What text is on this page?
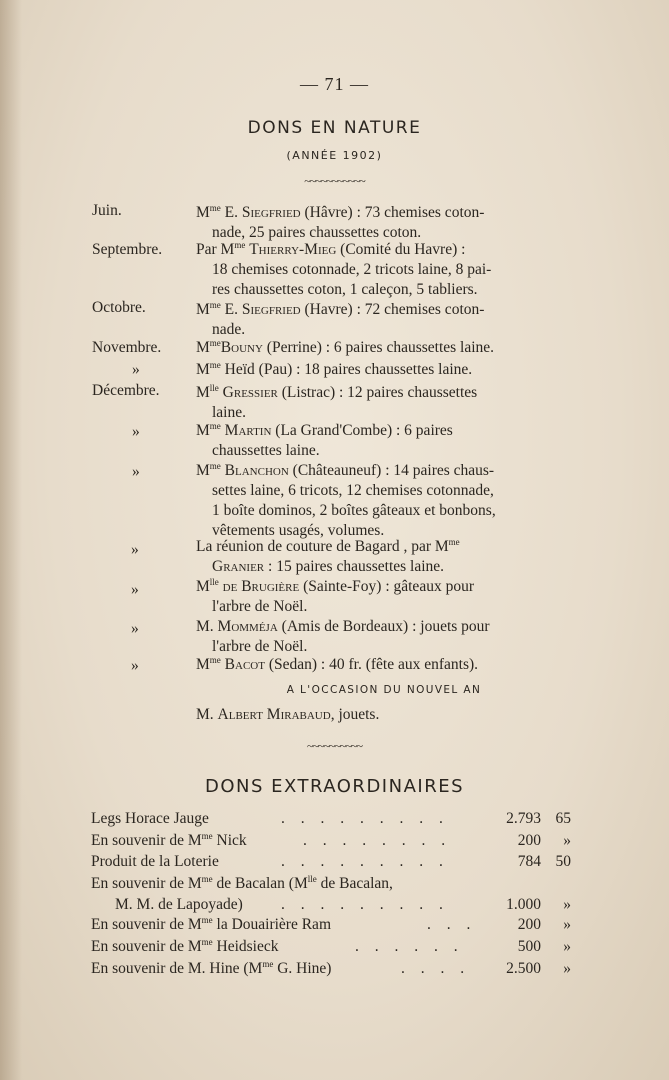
— 71 —
DONS EN NATURE
(ANNÉE 1902)
~~~~~~~~~~~
Juin.	$M^{me}$ E. Siegfried (Hâvre) : 73 chemises coton-
nade, 25 paires chaussettes coton.
Septembre. Par $M^{me}$ Thierry-Mieg (Comité du Havre) :
18 chemises cotonnade, 2 tricots laine, 8 pai-
res chaussettes coton, 1 caleçon, 5 tabliers.
Octobre.	$M^{me}$ E. Siegfried (Havre) : 72 chemises coton-
nade.
Novembre. $M^{me}Bouny$ (Perrine) : 6 paires chaussettes laine.
»	$M^{me}$ Heïd (Pau) : 18 paires chaussettes laine.
Décembre. $M^{lle}$ Gressier (Listrac) : 12 paires chaussettes
laine.
»	$M^{me}$ Martin (La Grand'Combe) : 6 paires
chaussettes laine.
»	$M^{me}$ Blanchon (Châteauneuf) : 14 paires chaus-
settes laine, 6 tricots, 12 chemises cotonnade,
1 boîte dominos, 2 boîtes gâteaux et bonbons,
vêtements usagés, volumes.
»	La réunion de couture de Bagard , par $M^{me}$
Granier : 15 paires chaussettes laine.
»	$M^{lle}$ de Brugière (Sainte-Foy) : gâteaux pour
l'arbre de Noël.
»	M. Momméja (Amis de Bordeaux) : jouets pour
l'arbre de Noël.
»	$M^{me}$ Bacot (Sedan) : 40 fr. (fête aux enfants).
A L'OCCASION DU NOUVEL AN
M. Albert Mirabaud, jouets.
~~~~~~~~~~
DONS EXTRAORDINAIRES
Legs Horace Jauge	. . . . . . . . .	2.793 65
En souvenir de $M^{me}$ Nick	. . . . . . . .	200	»
Produit de la Loterie	. . . . . . . . .	784 50
En souvenir de $M^{me}$ de Bacalan ($M^{lle}$ de Bacalan,
M. M. de Lapoyade) . . . . . . . . .	1.000	»
En souvenir de $M^{me}$ la Douairière Ram	. . .	200	»
En souvenir de $M^{me}$ Heidsieck	. . . . . .	500	»
En souvenir de M. Hine ($M^{me}$ G. Hine)	. . . . 2.500	»
